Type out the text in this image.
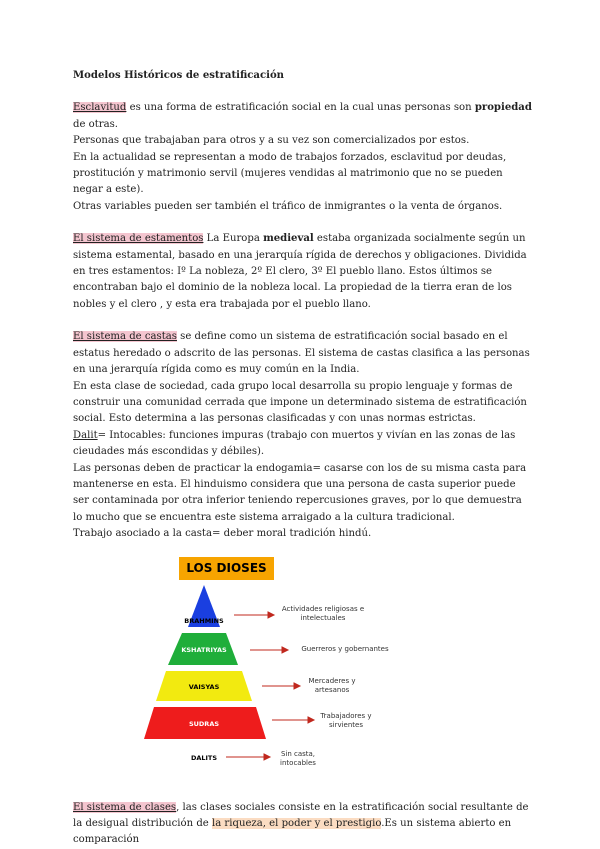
Modelos Históricos de estratificación

Esclavitud es una forma de estratificación social en la cual unas personas son propiedad de otras.

Personas que trabajaban para otros y a su vez son comercializados por estos.

En la actualidad se representan a modo de trabajos forzados, esclavitud por deudas, prostitución y matrimonio servil (mujeres vendidas al matrimonio que no se pueden negar a este).

Otras variables pueden ser también el tráfico de inmigrantes o la venta de órganos.

El sistema de estamentos La Europa medieval estaba organizada socialmente según un sistema estamental, basado en una jerarquía rígida de derechos y obligaciones. Dividida en tres estamentos: Iº La nobleza, 2º El clero, 3º El pueblo llano. Estos últimos se encontraban bajo el dominio de la nobleza local. La propiedad de la tierra eran de los nobles y el clero , y esta era trabajada por el pueblo llano.

El sistema de castas se define como un sistema de estratificación social basado en el estatus heredado o adscrito de las personas. El sistema de castas clasifica a las personas en una jerarquía rígida como es muy común en la India.

En esta clase de sociedad, cada grupo local desarrolla su propio lenguaje y formas de construir una comunidad cerrada que impone un determinado sistema de estratificación social. Esto determina a las personas clasificadas y con unas normas estrictas.

Dalit= Intocables: funciones impuras (trabajo con muertos y vivían en las zonas de las cieudades más escondidas y débiles).

Las personas deben de practicar la endogamia= casarse con los de su misma casta para mantenerse en esta. El hinduismo considera que una persona de casta superior puede ser contaminada por otra inferior teniendo repercusiones graves, por lo que demuestra lo mucho que se encuentra este sistema arraigado a la cultura tradicional.

Trabajo asociado a la casta= deber moral tradición hindú.

BRAHMINS
KSHATRIYAS
VAISYAS
SUDRAS
DALITS
LOS DIOSES
Actividades religiosas e intelectuales
Guerreros y gobernantes
Mercaderes y artesanos
Trabajadores y sirvientes
Sin casta, intocables

El sistema de clases, las clases sociales consiste en la estratificación social resultante de la desigual distribución de la riqueza, el poder y el prestigio.Es un sistema abierto en comparación
